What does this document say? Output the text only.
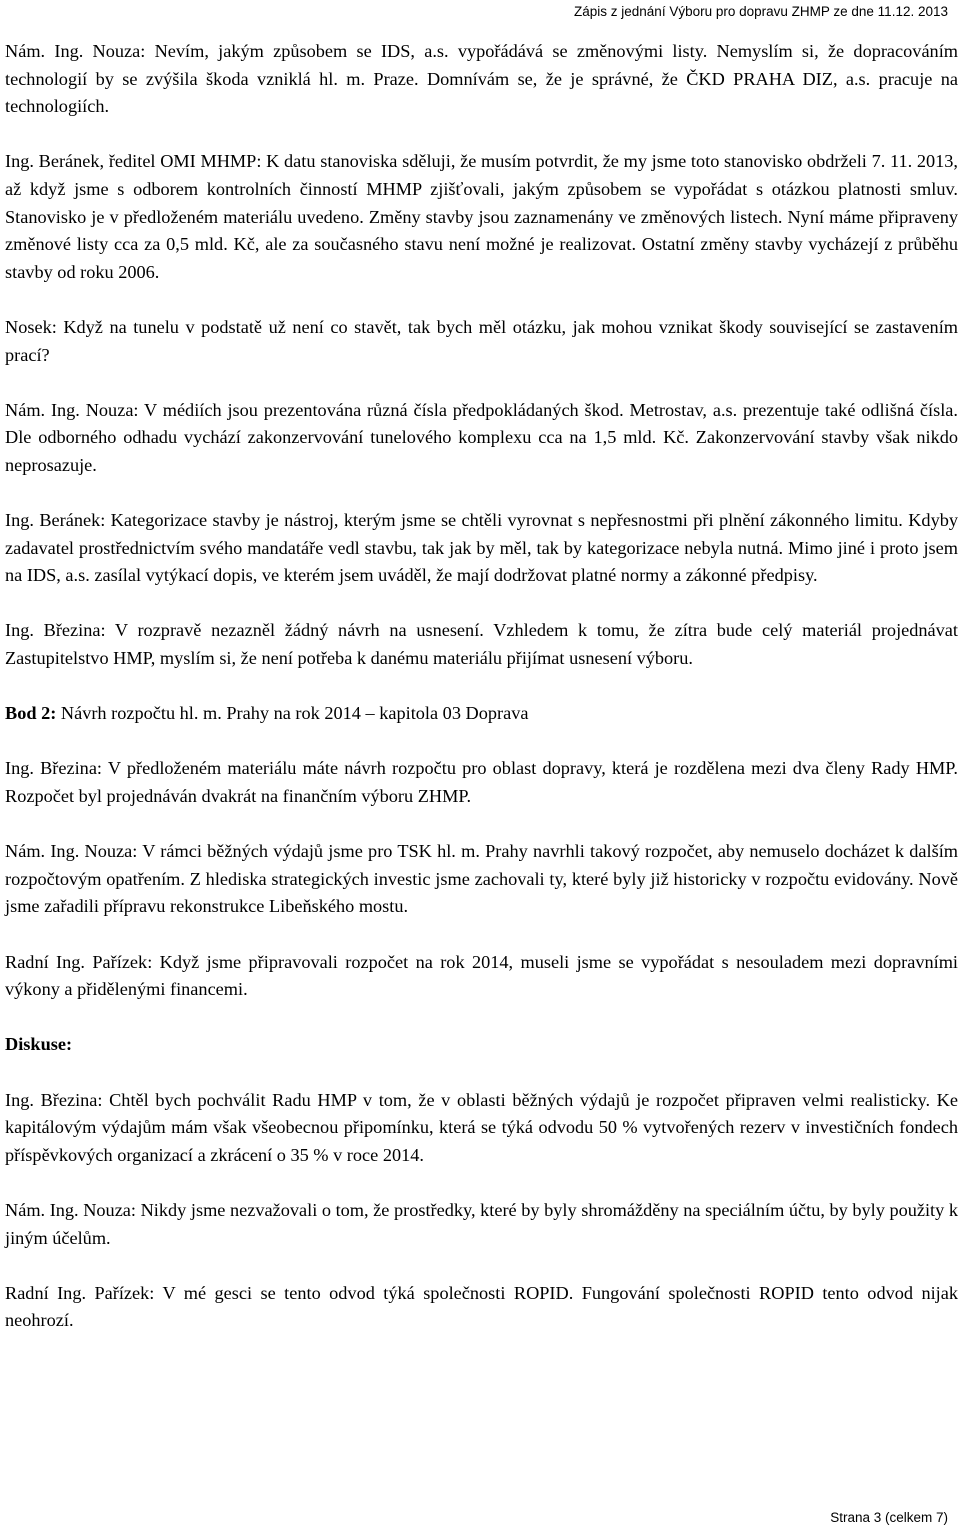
Zápis z jednání Výboru pro dopravu ZHMP ze dne 11.12. 2013

Nám. Ing. Nouza: Nevím, jakým způsobem se IDS, a.s. vypořádává se změnovými listy. Nemyslím si, že dopracováním technologií by se zvýšila škoda vzniklá hl. m. Praze. Domnívám se, že je správné, že ČKD PRAHA DIZ, a.s. pracuje na technologiích.

Ing. Beránek, ředitel OMI MHMP: K datu stanoviska sděluji, že musím potvrdit, že my jsme toto stanovisko obdrželi 7. 11. 2013, až když jsme s odborem kontrolních činností MHMP zjišťovali, jakým způsobem se vypořádat s otázkou platnosti smluv. Stanovisko je v předloženém materiálu uvedeno. Změny stavby jsou zaznamenány ve změnových listech. Nyní máme připraveny změnové listy cca za 0,5 mld. Kč, ale za současného stavu není možné je realizovat. Ostatní změny stavby vycházejí z průběhu stavby od roku 2006.

Nosek: Když na tunelu v podstatě už není co stavět, tak bych měl otázku, jak mohou vznikat škody související se zastavením prací?

Nám. Ing. Nouza: V médiích jsou prezentována různá čísla předpokládaných škod. Metrostav, a.s. prezentuje také odlišná čísla. Dle odborného odhadu vychází zakonzervování tunelového komplexu cca na 1,5 mld. Kč. Zakonzervování stavby však nikdo neprosazuje.

Ing. Beránek: Kategorizace stavby je nástroj, kterým jsme se chtěli vyrovnat s nepřesnostmi při plnění zákonného limitu. Kdyby zadavatel prostřednictvím svého mandatáře vedl stavbu, tak jak by měl, tak by kategorizace nebyla nutná. Mimo jiné i proto jsem na IDS, a.s. zasílal vytýkací dopis, ve kterém jsem uváděl, že mají dodržovat platné normy a zákonné předpisy.

Ing. Březina: V rozpravě nezazněl žádný návrh na usnesení. Vzhledem k tomu, že zítra bude celý materiál projednávat Zastupitelstvo HMP, myslím si, že není potřeba k danému materiálu přijímat usnesení výboru.

Bod 2: Návrh rozpočtu hl. m. Prahy na rok 2014 – kapitola 03 Doprava

Ing. Březina: V předloženém materiálu máte návrh rozpočtu pro oblast dopravy, která je rozdělena mezi dva členy Rady HMP. Rozpočet byl projednáván dvakrát na finančním výboru ZHMP.

Nám. Ing. Nouza: V rámci běžných výdajů jsme pro TSK hl. m. Prahy navrhli takový rozpočet, aby nemuselo docházet k dalším rozpočtovým opatřením. Z hlediska strategických investic jsme zachovali ty, které byly již historicky v rozpočtu evidovány. Nově jsme zařadili přípravu rekonstrukce Libeňského mostu.

Radní Ing. Pařízek: Když jsme připravovali rozpočet na rok 2014, museli jsme se vypořádat s nesouladem mezi dopravními výkony a přidělenými financemi.

Diskuse:

Ing. Březina: Chtěl bych pochválit Radu HMP v tom, že v oblasti běžných výdajů je rozpočet připraven velmi realisticky. Ke kapitálovým výdajům mám však všeobecnou připomínku, která se týká odvodu 50 % vytvořených rezerv v investičních fondech příspěvkových organizací a zkrácení o 35 % v roce 2014.

Nám. Ing. Nouza: Nikdy jsme nezvažovali o tom, že prostředky, které by byly shromážděny na speciálním účtu, by byly použity k jiným účelům.

Radní Ing. Pařízek: V mé gesci se tento odvod týká společnosti ROPID. Fungování společnosti ROPID tento odvod nijak neohrozí.

Strana 3 (celkem 7)
